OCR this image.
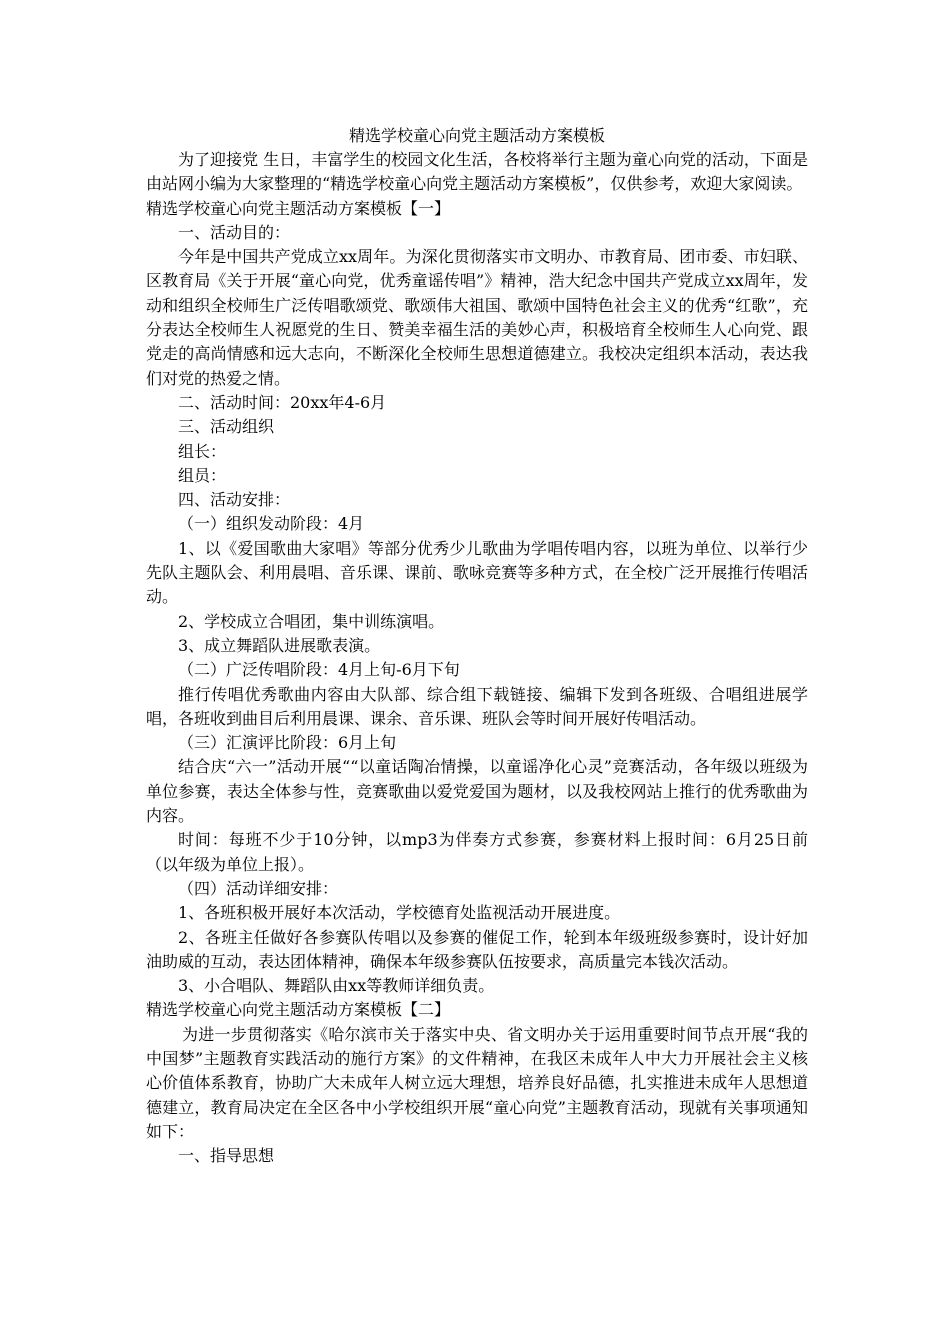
精选学校童心向党主题活动方案模板

为了迎接党 生日，丰富学生的校园文化生活，各校将举行主题为童心向党的活动，下面是由站网小编为大家整理的“精选学校童心向党主题活动方案模板”，仅供参考，欢迎大家阅读。

精选学校童心向党主题活动方案模板【一】

一、活动目的：

今年是中国共产党成立xx周年。为深化贯彻落实市文明办、市教育局、团市委、市妇联、区教育局《关于开展“童心向党，优秀童谣传唱”》精神，浩大纪念中国共产党成立xx周年，发动和组织全校师生广泛传唱歌颂党、歌颂伟大祖国、歌颂中国特色社会主义的优秀“红歌”，充分表达全校师生人祝愿党的生日、赞美幸福生活的美妙心声，积极培育全校师生人心向党、跟党走的高尚情感和远大志向，不断深化全校师生思想道德建立。我校决定组织本活动，表达我们对党的热爱之情。

二、活动时间：20xx年4-6月

三、活动组织

组长：

组员：

四、活动安排：

（一）组织发动阶段：4月

1、以《爱国歌曲大家唱》等部分优秀少儿歌曲为学唱传唱内容，以班为单位、以举行少先队主题队会、利用晨唱、音乐课、课前、歌咏竞赛等多种方式，在全校广泛开展推行传唱活动。

2、学校成立合唱团，集中训练演唱。

3、成立舞蹈队进展歌表演。

（二）广泛传唱阶段：4月上旬-6月下旬

推行传唱优秀歌曲内容由大队部、综合组下载链接、编辑下发到各班级、合唱组进展学唱，各班收到曲目后利用晨课、课余、音乐课、班队会等时间开展好传唱活动。

（三）汇演评比阶段：6月上旬

结合庆“六一”活动开展““以童话陶冶情操，以童谣净化心灵”竞赛活动，各年级以班级为单位参赛，表达全体参与性，竞赛歌曲以爱党爱国为题材，以及我校网站上推行的优秀歌曲为内容。

时间：每班不少于10分钟，以mp3为伴奏方式参赛，参赛材料上报时间：6月25日前（以年级为单位上报）。

（四）活动详细安排：

1、各班积极开展好本次活动，学校德育处监视活动开展进度。

2、各班主任做好各参赛队传唱以及参赛的催促工作，轮到本年级班级参赛时，设计好加油助威的互动，表达团体精神，确保本年级参赛队伍按要求，高质量完本钱次活动。

3、小合唱队、舞蹈队由xx等教师详细负责。

精选学校童心向党主题活动方案模板【二】

为进一步贯彻落实《哈尔滨市关于落实中央、省文明办关于运用重要时间节点开展“我的中国梦”主题教育实践活动的施行方案》的文件精神，在我区未成年人中大力开展社会主义核心价值体系教育，协助广大未成年人树立远大理想，培养良好品德，扎实推进未成年人思想道德建立，教育局决定在全区各中小学校组织开展“童心向党”主题教育活动，现就有关事项通知如下：

一、指导思想
